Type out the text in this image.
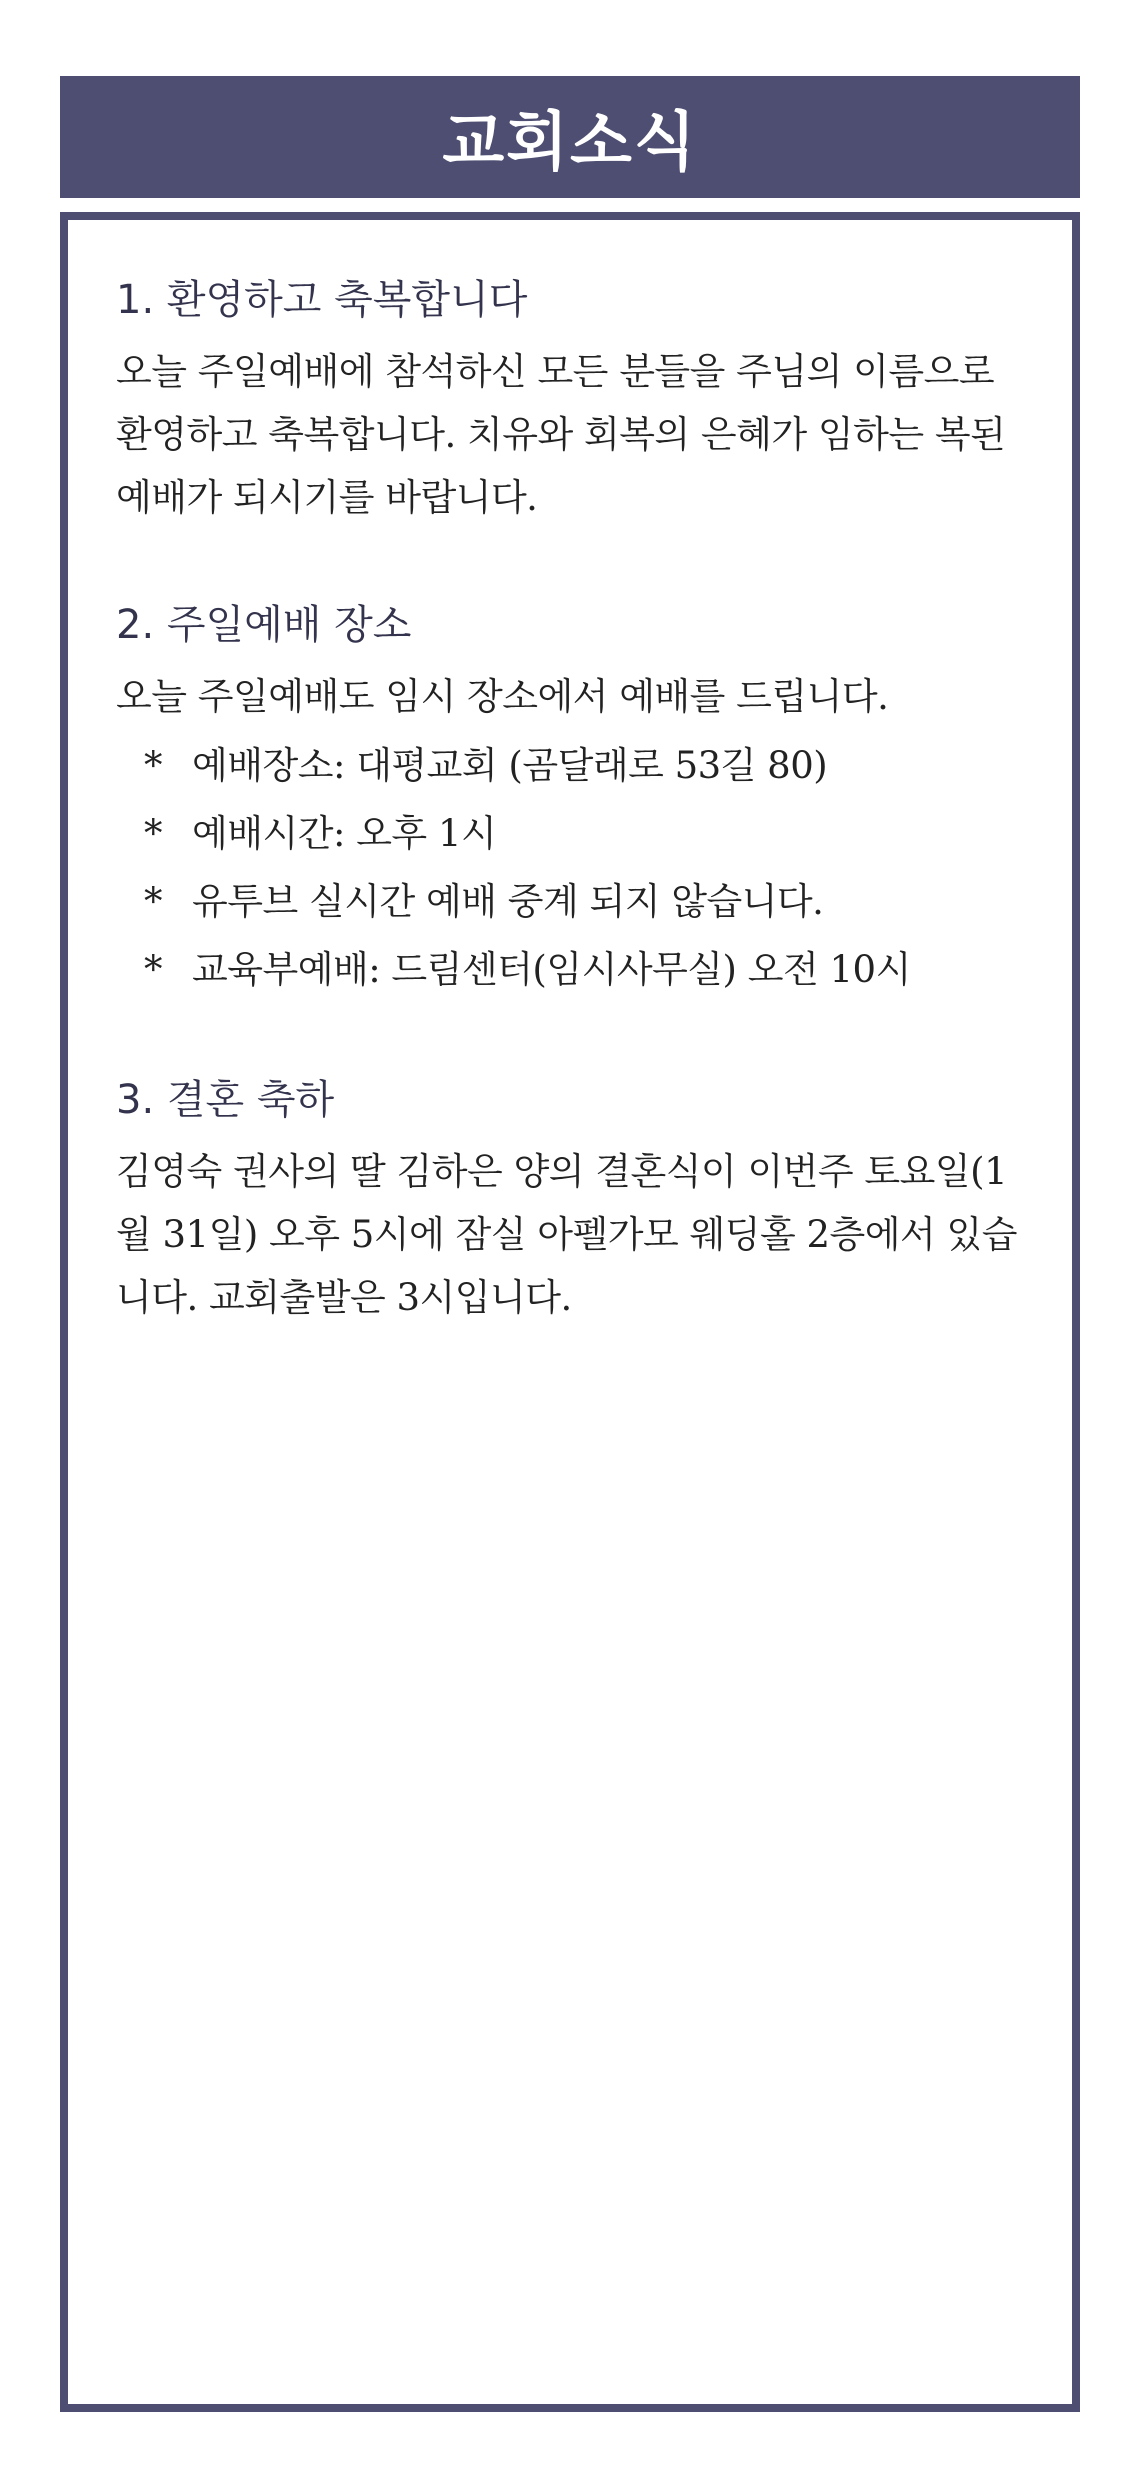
교회소식
1. 환영하고 축복합니다

오늘 주일예배에 참석하신 모든 분들을 주님의 이름으로 환영하고 축복합니다. 치유와 회복의 은혜가 임하는 복된 예배가 되시기를 바랍니다.

2. 주일예배 장소

오늘 주일예배도 임시 장소에서 예배를 드립니다.

* 예배장소: 대평교회 (곰달래로 53길 80)
* 예배시간: 오후 1시
* 유투브 실시간 예배 중계 되지 않습니다.
* 교육부예배: 드림센터(임시사무실) 오전 10시
3. 결혼 축하

김영숙 권사의 딸 김하은 양의 결혼식이 이번주 토요일(1월 31일) 오후 5시에 잠실 아펠가모 웨딩홀 2층에서 있습니다. 교회출발은 3시입니다.
